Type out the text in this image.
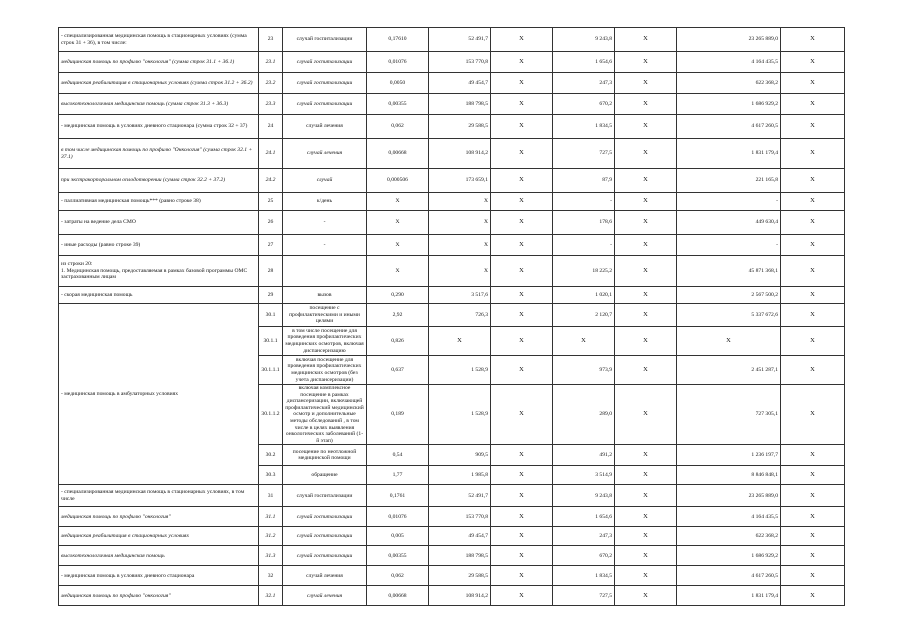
- специализированная медицинская помощь в стационарных условиях (сумма строк 31 + 36), в том числе:	23	случай госпитализации	0,17610	52 491,7	X	9 243,8	X	23 265 889,0	X
медицинская помощь по профилю "онкология" (сумма строк 31.1 + 36.1)	23.1	случай госпитализации	0,01076	153 770,8	X	1 654,6	X	4 164 435,5	X
медицинская реабилитация в стационарных условиях (сумма строк 31.2 + 36.2)	23.2	случай госпитализации	0,0050	49 454,7	X	247,3	X	622 368,2	X
высокотехнологичная медицинская помощь (сумма строк 31.3 + 36.3)	23.3	случай госпитализации	0,00355	188 798,5	X	670,2	X	1 686 929,2	X
- медицинская помощь в условиях дневного стационара (сумма строк 32 + 37)	24	случай лечения	0,062	29 588,5	X	1 834,5	X	4 617 260,5	X
в том числе медицинская помощь по профилю "Онкология" (сумма строк 32.1 + 37.1)	24.1	случай лечения	0,00668	108 914,2	X	727,5	X	1 831 179,4	X
при экстракорпоральном оплодотворении (сумма строк 32.2 + 37.2)	24.2	случай	0,000506	173 659,1	X	87,9	X	221 165,8	X
- паллиативная медицинская помощь*** (равно строке 38)	25	к/день	X	X	X	-	X	-	X
- затраты на ведение дела СМО	26	-	X	X	X	178,6	X	449 630,4	X
- иные расходы (равно строке 39)	27	-	X	X	X	-	X	-	X
из строки 20:
1. Медицинская помощь, предоставляемая в рамках базовой программы ОМС застрахованным лицам	28		X	X	X	18 225,2	X	45 871 368,1	X
- скорая медицинская помощь	29	вызов	0,290	3 517,6	X	1 020,1	X	2 567 500,2	X
- медицинская помощь в амбулаторных условиях	30.1	посещение с профилактическими и иными целями	2,92	726,3	X	2 120,7	X	5 337 672,6	X
	30.1.1	в том числе посещение для проведения профилактических медицинских осмотров, включая диспансеризацию	0,826	X	X	X	X	X	X
	30.1.1.1	включая посещение для проведения профилактических медицинских осмотров (без учета диспансеризации)	0,637	1 528,9	X	973,9	X	2 451 287,1	X
	30.1.1.2	включая комплексное посещение в рамках диспансеризации, включающей профилактический медицинский осмотр и дополнительные методы обследований , в том числе в целях выявления онкологических заболеваний (1-й этап)	0,189	1 528,9	X	289,0	X	727 305,1	X
	30.2	посещение по неотложной медицинской помощи	0,54	909,5	X	491,2	X	1 236 197,7	X
	30.3	обращение	1,77	1 985,8	X	3 514,9	X	8 846 848,1	X
- специализированная медицинская помощь в стационарных условиях, в том числе	31	случай госпитализации	0,1761	52 491,7	X	9 243,8	X	23 265 889,0	X
медицинская помощь по профилю "онкология"	31.1	случай госпитализации	0,01076	153 770,8	X	1 654,6	X	4 164 435,5	X
медицинская реабилитация в стационарных условиях	31.2	случай госпитализации	0,005	49 454,7	X	247,3	X	622 368,2	X
высокотехнологичная медицинская помощь	31.3	случай госпитализации	0,00355	188 798,5	X	670,2	X	1 686 929,2	X
- медицинская помощь в условиях дневного стационара	32	случай лечения	0,062	29 588,5	X	1 834,5	X	4 617 260,5	X
медицинская помощь по профилю "онкология"	32.1	случай лечения	0,00668	108 914,2	X	727,5	X	1 831 179,4	X
